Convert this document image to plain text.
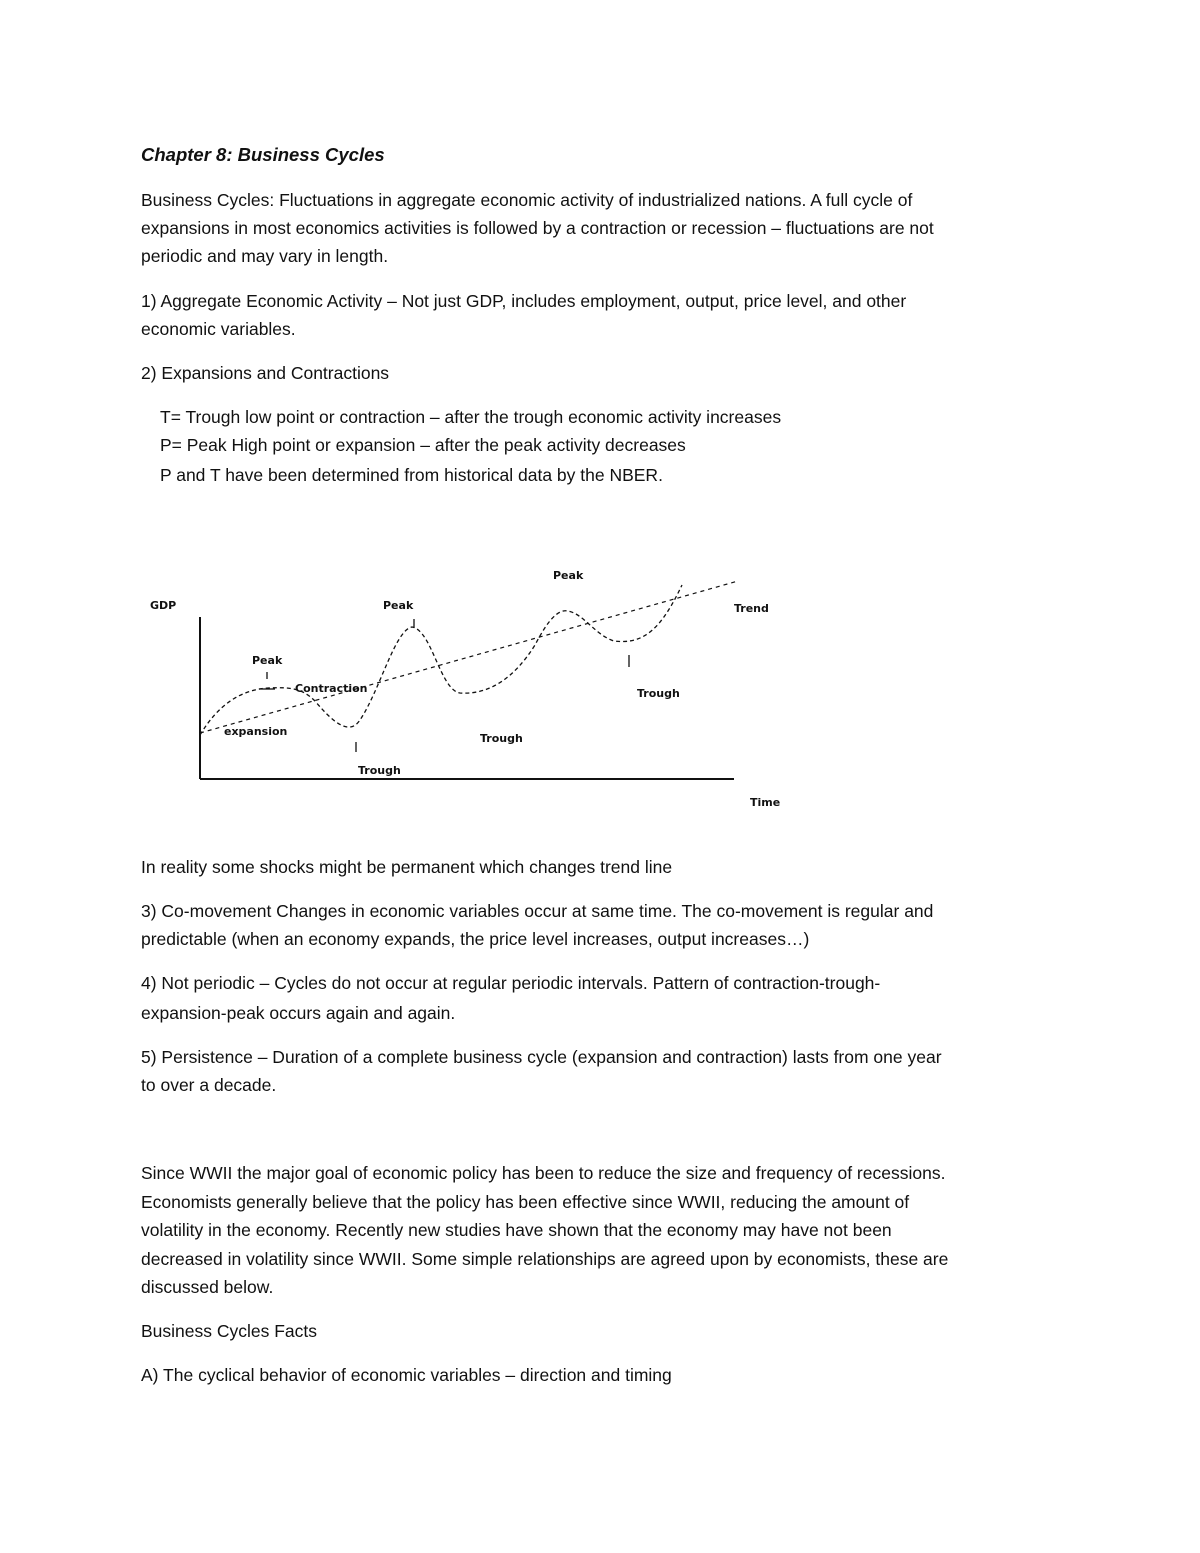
Chapter 8: Business Cycles

Business Cycles: Fluctuations in aggregate economic activity of industrialized nations. A full cycle of

expansions in most economics activities is followed by a contraction or recession – fluctuations are not

periodic and may vary in length.

1) Aggregate Economic Activity – Not just GDP, includes employment, output, price level, and other

economic variables.

2) Expansions and Contractions

T= Trough low point or contraction – after the trough economic activity increases

P= Peak High point or expansion – after the peak activity decreases

P and T have been determined from historical data by the NBER.

GDP
Time
Trend
Peak
Peak
Peak
Trough
Trough
Trough
Contraction
expansion

In reality some shocks might be permanent which changes trend line

3) Co-movement Changes in economic variables occur at same time. The co-movement is regular and

predictable (when an economy expands, the price level increases, output increases…)

4) Not periodic – Cycles do not occur at regular periodic intervals. Pattern of contraction-trough-

expansion-peak occurs again and again.

5) Persistence – Duration of a complete business cycle (expansion and contraction) lasts from one year

to over a decade.

Since WWII the major goal of economic policy has been to reduce the size and frequency of recessions.

Economists generally believe that the policy has been effective since WWII, reducing the amount of

volatility in the economy. Recently new studies have shown that the economy may have not been

decreased in volatility since WWII. Some simple relationships are agreed upon by economists, these are

discussed below.

Business Cycles Facts

A) The cyclical behavior of economic variables – direction and timing
